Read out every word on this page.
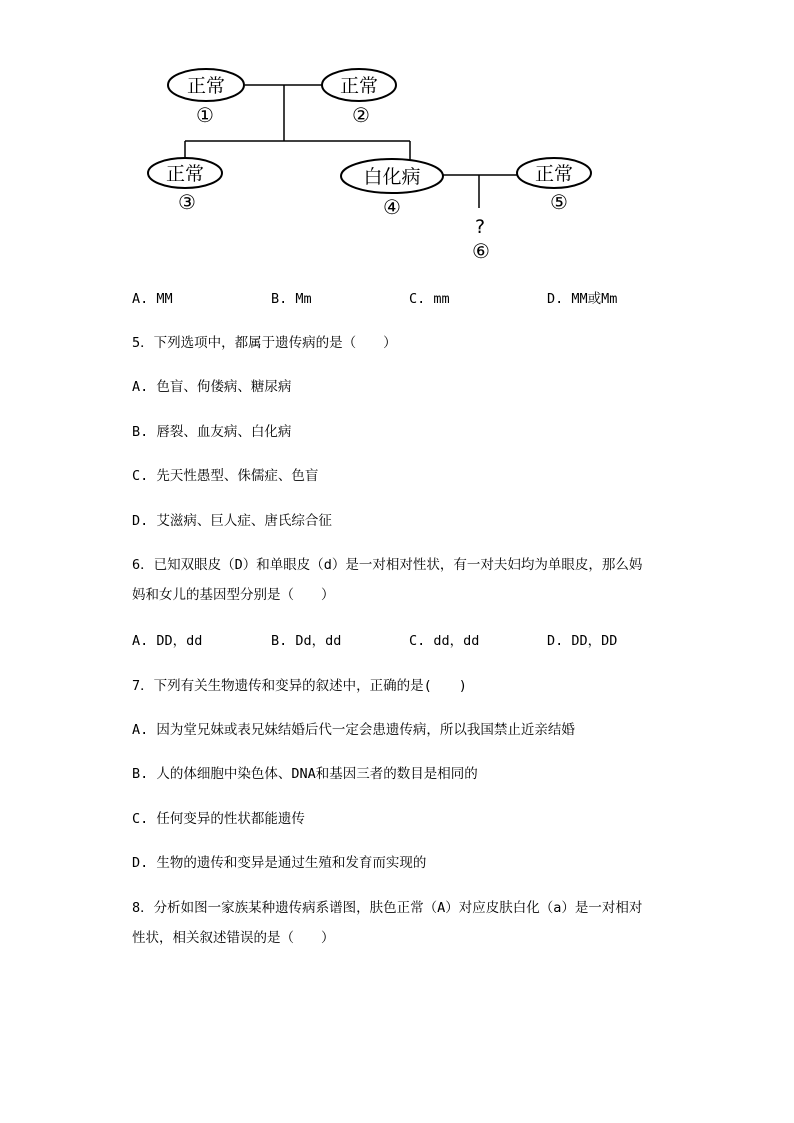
正常
①
正常
②
正常
③
白化病
④
正常
⑤
?
⑥
A. MM	B. Mm	C. mm	D. MM或Mm
5．下列选项中，都属于遗传病的是（　　）
A. 色盲、佝偻病、糖尿病
B. 唇裂、血友病、白化病
C. 先天性愚型、侏儒症、色盲
D. 艾滋病、巨人症、唐氏综合征
6．已知双眼皮（D）和单眼皮（d）是一对相对性状，有一对夫妇均为单眼皮，那么妈
妈和女儿的基因型分别是（　　）
A. DD，dd	B. Dd，dd	C. dd，dd	D. DD，DD
7．下列有关生物遗传和变异的叙述中，正确的是(　　)
A. 因为堂兄妹或表兄妹结婚后代一定会患遗传病，所以我国禁止近亲结婚
B. 人的体细胞中染色体、DNA和基因三者的数目是相同的
C. 任何变异的性状都能遗传
D. 生物的遗传和变异是通过生殖和发育而实现的
8．分析如图一家族某种遗传病系谱图，肤色正常（A）对应皮肤白化（a）是一对相对
性状，相关叙述错误的是（　　）
